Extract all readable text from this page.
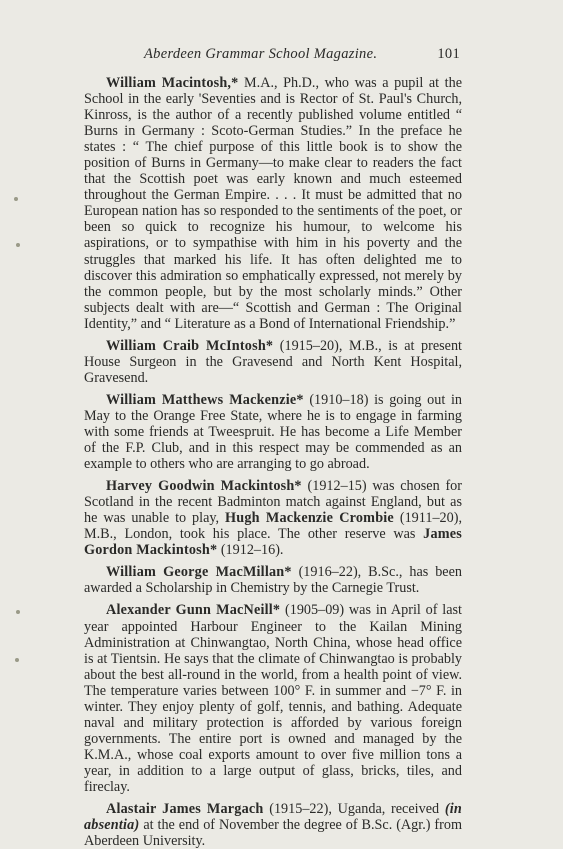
Aberdeen Grammar School Magazine.	101

William Macintosh,* M.A., Ph.D., who was a pupil at the School in the early 'Seventies and is Rector of St. Paul's Church, Kinross, is the author of a recently published volume entitled “ Burns in Germany : Scoto-German Studies.” In the preface he states : “ The chief purpose of this little book is to show the position of Burns in Germany—to make clear to readers the fact that the Scottish poet was early known and much esteemed throughout the German Empire. . . . It must be admitted that no European nation has so responded to the sentiments of the poet, or been so quick to recognize his humour, to welcome his aspirations, or to sympathise with him in his poverty and the struggles that marked his life. It has often delighted me to discover this admiration so emphatically expressed, not merely by the common people, but by the most scholarly minds.” Other subjects dealt with are—“ Scottish and German : The Original Identity,” and “ Literature as a Bond of International Friendship.”

William Craib McIntosh* (1915–20), M.B., is at present House Surgeon in the Gravesend and North Kent Hospital, Gravesend.

William Matthews Mackenzie* (1910–18) is going out in May to the Orange Free State, where he is to engage in farming with some friends at Tweespruit. He has become a Life Member of the F.P. Club, and in this respect may be commended as an example to others who are arranging to go abroad.

Harvey Goodwin Mackintosh* (1912–15) was chosen for Scotland in the recent Badminton match against England, but as he was unable to play, Hugh Mackenzie Crombie (1911–20), M.B., London, took his place. The other reserve was James Gordon Mackintosh* (1912–16).

William George MacMillan* (1916–22), B.Sc., has been awarded a Scholarship in Chemistry by the Carnegie Trust.

Alexander Gunn MacNeill* (1905–09) was in April of last year appointed Harbour Engineer to the Kailan Mining Administration at Chinwangtao, North China, whose head office is at Tientsin. He says that the climate of Chinwangtao is probably about the best all-round in the world, from a health point of view. The temperature varies between 100° F. in summer and −7° F. in winter. They enjoy plenty of golf, tennis, and bathing. Adequate naval and military protection is afforded by various foreign governments. The entire port is owned and managed by the K.M.A., whose coal exports amount to over five million tons a year, in addition to a large output of glass, bricks, tiles, and fireclay.

Alastair James Margach (1915–22), Uganda, received (in absentia) at the end of November the degree of B.Sc. (Agr.) from Aberdeen University.
